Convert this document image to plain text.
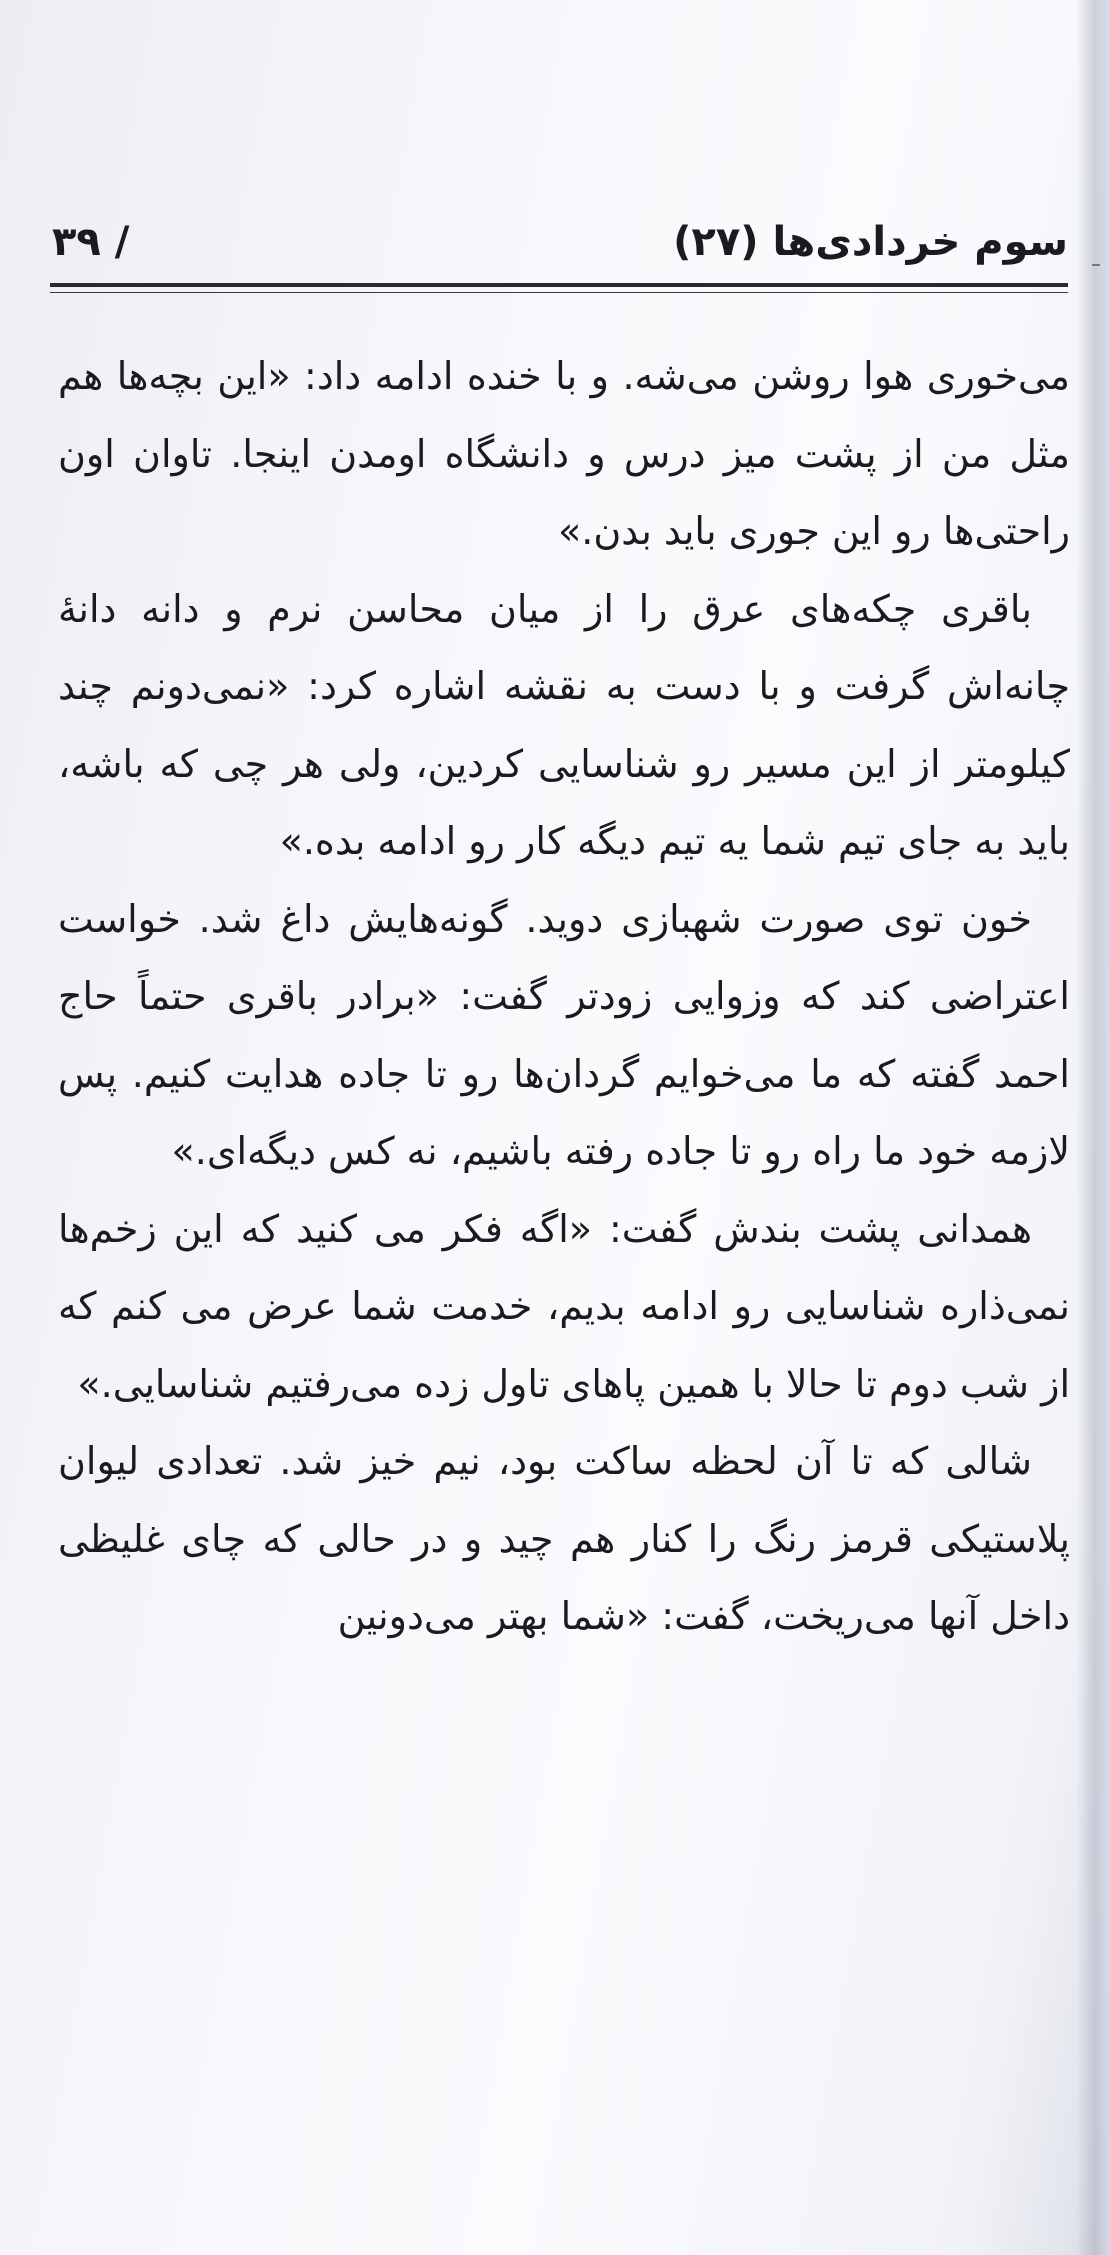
سوم خردادی‌ها (۲۷)
۳۹ /

می‌خوری هوا روشن می‌شه. و با خنده ادامه داد: «این بچه‌ها هم مثل من از پشت میز درس و دانشگاه اومدن اینجا. تاوان اون راحتی‌ها رو این جوری باید بدن.»

باقری چکه‌های عرق را از میان محاسن نرم و دانه دانهٔ چانه‌اش گرفت و با دست به نقشه اشاره کرد: «نمی‌دونم چند کیلومتر از این مسیر رو شناسایی کردین، ولی هر چی که باشه، باید به جای تیم شما یه تیم دیگه کار رو ادامه بده.»

خون توی صورت شهبازی دوید. گونه‌هایش داغ شد. خواست اعتراضی کند که وزوایی زودتر گفت: «برادر باقری حتماً حاج احمد گفته که ما می‌خوایم گردان‌ها رو تا جاده هدایت کنیم. پس لازمه خود ما راه رو تا جاده رفته باشیم، نه کس دیگه‌ای.»

همدانی پشت بندش گفت: «اگه فکر می کنید که این زخم‌ها نمی‌ذاره شناسایی رو ادامه بدیم، خدمت شما عرض می کنم که از شب دوم تا حالا با همین پاهای تاول زده می‌رفتیم شناسایی.»

شالی که تا آن لحظه ساکت بود، نیم خیز شد. تعدادی لیوان پلاستیکی قرمز رنگ را کنار هم چید و در حالی که چای غلیظی داخل آنها می‌ریخت، گفت: «شما بهتر می‌دونین
